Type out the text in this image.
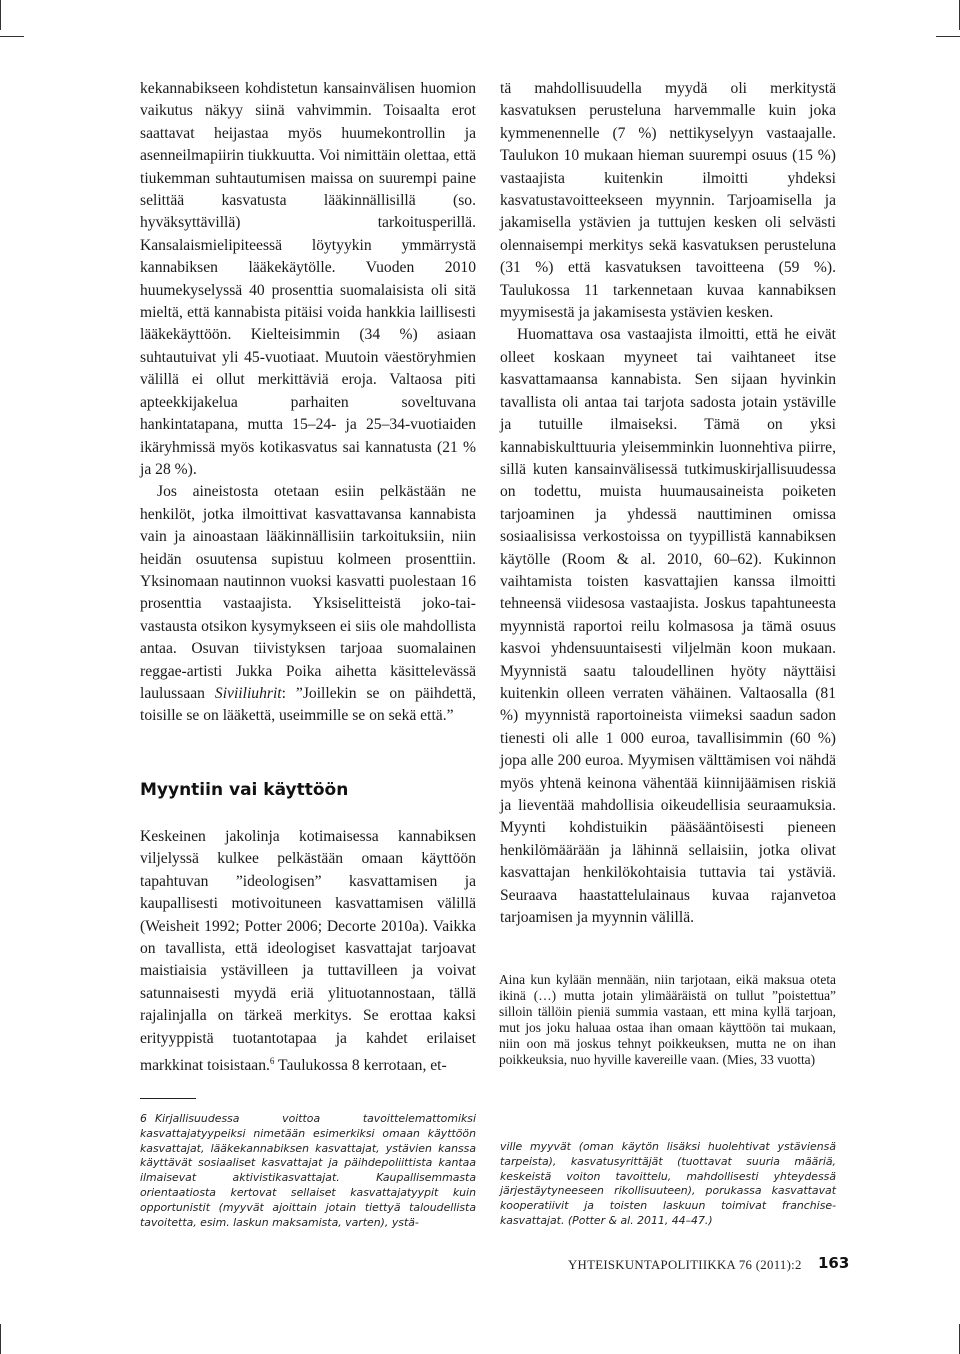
kekannabikseen kohdistetun kansainvälisen huomion vaikutus näkyy siinä vahvimmin. Toisaalta erot saattavat heijastaa myös huumekontrollin ja asenneilmapiirin tiukkuutta. Voi nimittäin olettaa, että tiukemman suhtautumisen maissa on suurempi paine selittää kasvatusta lääkinnällisillä (so. hyväksyttävillä) tarkoitusperillä. Kansalaismielipiteessä löytyykin ymmärrystä kannabiksen lääkekäytölle. Vuoden 2010 huumekyselyssä 40 prosenttia suomalaisista oli sitä mieltä, että kannabista pitäisi voida hankkia laillisesti lääkekäyttöön. Kielteisimmin (34 %) asiaan suhtautuivat yli 45-vuotiaat. Muutoin väestöryhmien välillä ei ollut merkittäviä eroja. Valtaosa piti apteekkijakelua parhaiten soveltuvana hankintatapana, mutta 15–24- ja 25–34-vuotiaiden ikäryhmissä myös kotikasvatus sai kannatusta (21 % ja 28 %).

Jos aineistosta otetaan esiin pelkästään ne henkilöt, jotka ilmoittivat kasvattavansa kannabista vain ja ainoastaan lääkinnällisiin tarkoituksiin, niin heidän osuutensa supistuu kolmeen prosenttiin. Yksinomaan nautinnon vuoksi kasvatti puolestaan 16 prosenttia vastaajista. Yksiselitteistä joko-tai-vastausta otsikon kysymykseen ei siis ole mahdollista antaa. Osuvan tiivistyksen tarjoaa suomalainen reggae-artisti Jukka Poika aihetta käsittelevässä laulussaan Siviiliuhrit: ”Joillekin se on päihdettä, toisille se on lääkettä, useimmille se on sekä että.”

Myyntiin vai käyttöön

Keskeinen jakolinja kotimaisessa kannabiksen viljelyssä kulkee pelkästään omaan käyttöön tapahtuvan ”ideologisen” kasvattamisen ja kaupallisesti motivoituneen kasvattamisen välillä (Weisheit 1992; Potter 2006; Decorte 2010a). Vaikka on tavallista, että ideologiset kasvattajat tarjoavat maistiaisia ystävilleen ja tuttavilleen ja voivat satunnaisesti myydä eriä ylituotannostaan, tällä rajalinjalla on tärkeä merkitys. Se erottaa kaksi erityyppistä tuotantotapaa ja kahdet erilaiset markkinat toisistaan.$^6$ Taulukossa 8 kerrotaan, et-

tä mahdollisuudella myydä oli merkitystä kasvatuksen perusteluna harvemmalle kuin joka kymmenennelle (7 %) nettikyselyyn vastaajalle. Taulukon 10 mukaan hieman suurempi osuus (15 %) vastaajista kuitenkin ilmoitti yhdeksi kasvatustavoitteekseen myynnin. Tarjoamisella ja jakamisella ystävien ja tuttujen kesken oli selvästi olennaisempi merkitys sekä kasvatuksen perusteluna (31 %) että kasvatuksen tavoitteena (59 %). Taulukossa 11 tarkennetaan kuvaa kannabiksen myymisestä ja jakamisesta ystävien kesken.

Huomattava osa vastaajista ilmoitti, että he eivät olleet koskaan myyneet tai vaihtaneet itse kasvattamaansa kannabista. Sen sijaan hyvinkin tavallista oli antaa tai tarjota sadosta jotain ystäville ja tutuille ilmaiseksi. Tämä on yksi kannabiskulttuuria yleisemminkin luonnehtiva piirre, sillä kuten kansainvälisessä tutkimuskirjallisuudessa on todettu, muista huumausaineista poiketen tarjoaminen ja yhdessä nauttiminen omissa sosiaalisissa verkostoissa on tyypillistä kannabiksen käytölle (Room & al. 2010, 60–62). Kukinnon vaihtamista toisten kasvattajien kanssa ilmoitti tehneensä viidesosa vastaajista. Joskus tapahtuneesta myynnistä raportoi reilu kolmasosa ja tämä osuus kasvoi yhdensuuntaisesti viljelmän koon mukaan. Myynnistä saatu taloudellinen hyöty näyttäisi kuitenkin olleen verraten vähäinen. Valtaosalla (81 %) myynnistä raportoineista viimeksi saadun sadon tienesti oli alle 1 000 euroa, tavallisimmin (60 %) jopa alle 200 euroa. Myymisen välttämisen voi nähdä myös yhtenä keinona vähentää kiinnijäämisen riskiä ja lieventää mahdollisia oikeudellisia seuraamuksia. Myynti kohdistuikin pääsääntöisesti pieneen henkilömäärään ja lähinnä sellaisiin, jotka olivat kasvattajan henkilökohtaisia tuttavia tai ystäviä. Seuraava haastattelulainaus kuvaa rajanvetoa tarjoamisen ja myynnin välillä.

Aina kun kylään mennään, niin tarjotaan, eikä maksua oteta ikinä (…) mutta jotain ylimääräistä on tullut ”poistettua” silloin tällöin pieniä summia vastaan, ett mina kyllä tarjoan, mut jos joku haluaa ostaa ihan omaan käyttöön tai mukaan, niin oon mä joskus tehnyt poikkeuksen, mutta ne on ihan poikkeuksia, nuo hyville kavereille vaan. (Mies, 33 vuotta)
6 Kirjallisuudessa voittoa tavoittelemattomiksi kasvattajatyypeiksi nimetään esimerkiksi omaan käyttöön kasvattajat, lääkekannabiksen kasvattajat, ystävien kanssa käyttävät sosiaaliset kasvattajat ja päihdepoliittista kantaa ilmaisevat aktivistikasvattajat. Kaupallisemmasta orientaatiosta kertovat sellaiset kasvattajatyypit kuin opportunistit (myyvät ajoittain jotain tiettyä taloudellista tavoitetta, esim. laskun maksamista, varten), ystä-
ville myyvät (oman käytön lisäksi huolehtivat ystäviensä tarpeista), kasvatusyrittäjät (tuottavat suuria määriä, keskeistä voiton tavoittelu, mahdollisesti yhteydessä järjestäytyneeseen rikollisuuteen), porukassa kasvattavat kooperatiivit ja toisten laskuun toimivat franchise-kasvattajat. (Potter & al. 2011, 44–47.)
YHTEISKUNTAPOLITIIKKA 76 (2011):2 163
